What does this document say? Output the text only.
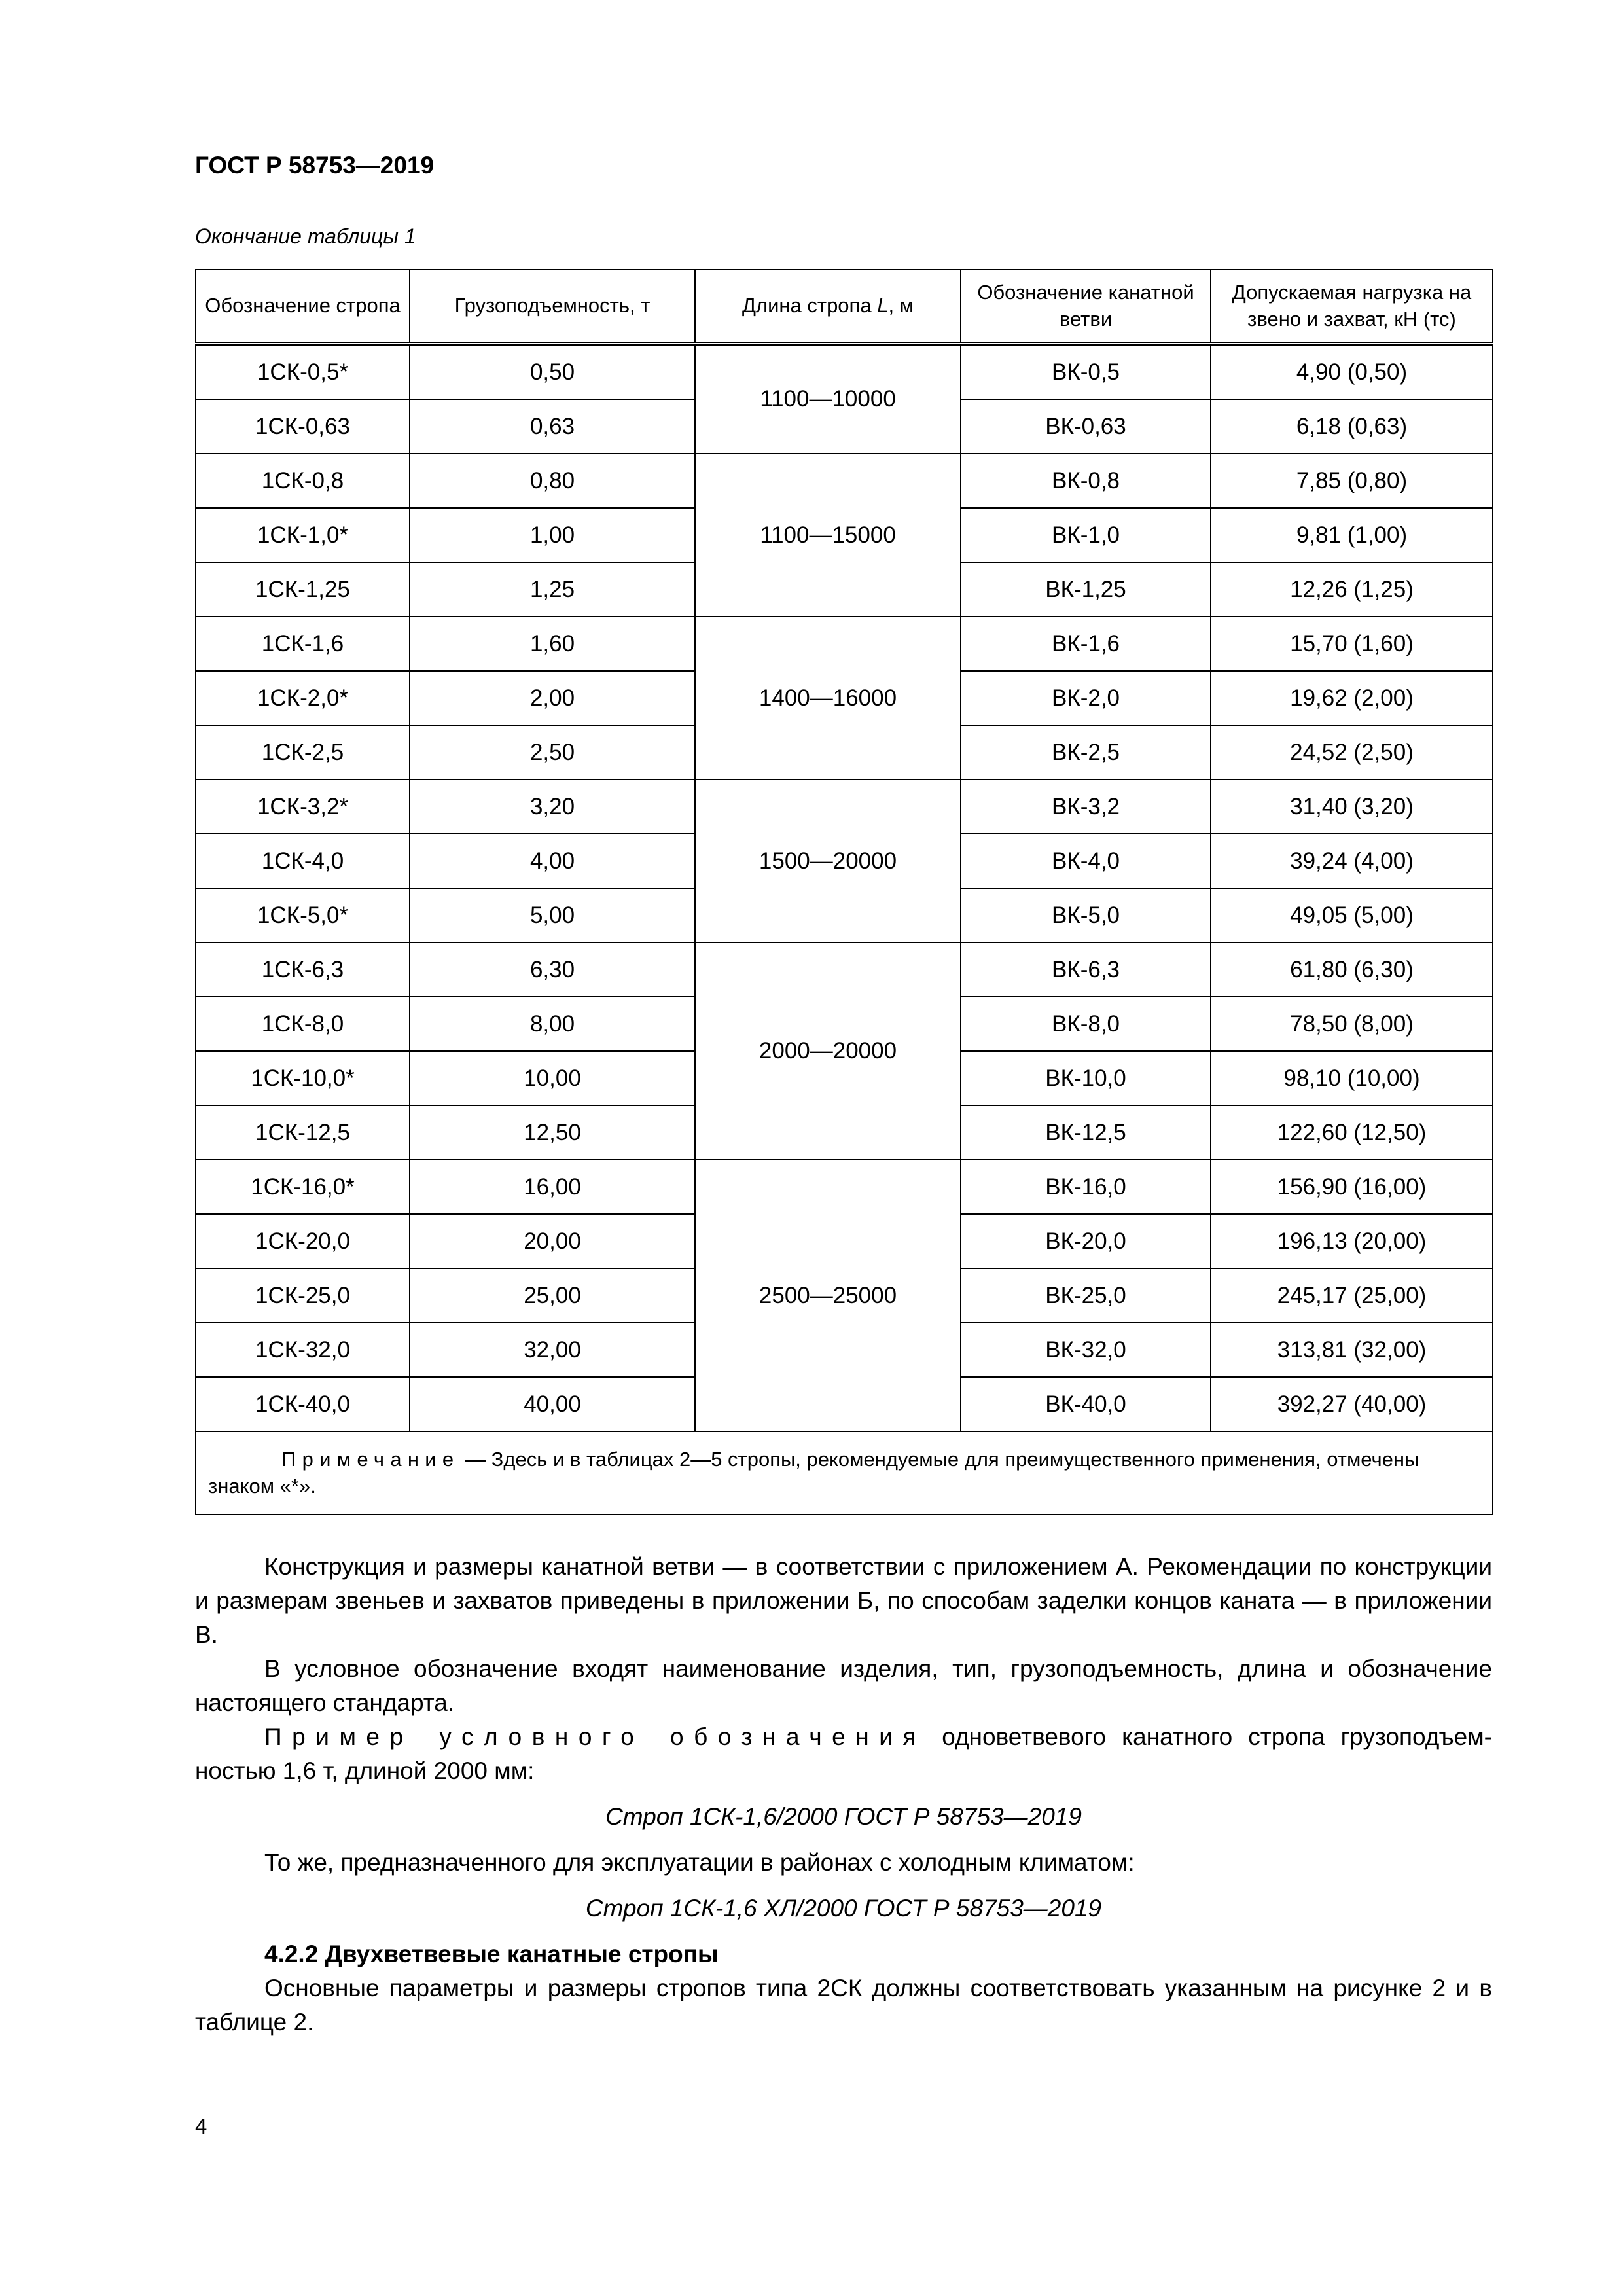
ГОСТ Р 58753—2019
Окончание таблицы 1
Обозначение стропа	Грузоподъемность, т	Длина стропа L, м	Обозначение канатной ветви	Допускаемая нагрузка на звено и захват, кН (тс)
1СК-0,5*	0,50	1100—10000	ВК-0,5	4,90 (0,50)
1СК-0,63	0,63		ВК-0,63	6,18 (0,63)
1СК-0,8	0,80	1100—15000	ВК-0,8	7,85 (0,80)
1СК-1,0*	1,00		ВК-1,0	9,81 (1,00)
1СК-1,25	1,25		ВК-1,25	12,26 (1,25)
1СК-1,6	1,60	1400—16000	ВК-1,6	15,70 (1,60)
1СК-2,0*	2,00		ВК-2,0	19,62 (2,00)
1СК-2,5	2,50		ВК-2,5	24,52 (2,50)
1СК-3,2*	3,20	1500—20000	ВК-3,2	31,40 (3,20)
1СК-4,0	4,00		ВК-4,0	39,24 (4,00)
1СК-5,0*	5,00		ВК-5,0	49,05 (5,00)
1СК-6,3	6,30	2000—20000	ВК-6,3	61,80 (6,30)
1СК-8,0	8,00		ВК-8,0	78,50 (8,00)
1СК-10,0*	10,00		ВК-10,0	98,10 (10,00)
1СК-12,5	12,50		ВК-12,5	122,60 (12,50)
1СК-16,0*	16,00	2500—25000	ВК-16,0	156,90 (16,00)
1СК-20,0	20,00		ВК-20,0	196,13 (20,00)
1СК-25,0	25,00		ВК-25,0	245,17 (25,00)
1СК-32,0	32,00		ВК-32,0	313,81 (32,00)
1СК-40,0	40,00		ВК-40,0	392,27 (40,00)
Примечание — Здесь и в таблицах 2—5 стропы, рекомендуемые для преимущественного применения, отмечены знаком «*».				

Конструкция и размеры канатной ветви — в соответствии с приложением А. Рекомендации по конструкции и размерам звеньев и захватов приведены в приложении Б, по способам заделки концов каната — в приложении В.

В условное обозначение входят наименование изделия, тип, грузоподъемность, длина и обозначение настоящего стандарта.

Пример условного обозначения одноветвевого канатного стропа грузоподъемностью 1,6 т, длиной 2000 мм:

Строп 1СК-1,6/2000 ГОСТ Р 58753—2019

То же, предназначенного для эксплуатации в районах с холодным климатом:

Строп 1СК-1,6 ХЛ/2000 ГОСТ Р 58753—2019

4.2.2 Двухветвевые канатные стропы

Основные параметры и размеры стропов типа 2СК должны соответствовать указанным на рисунке 2 и в таблице 2.

4
